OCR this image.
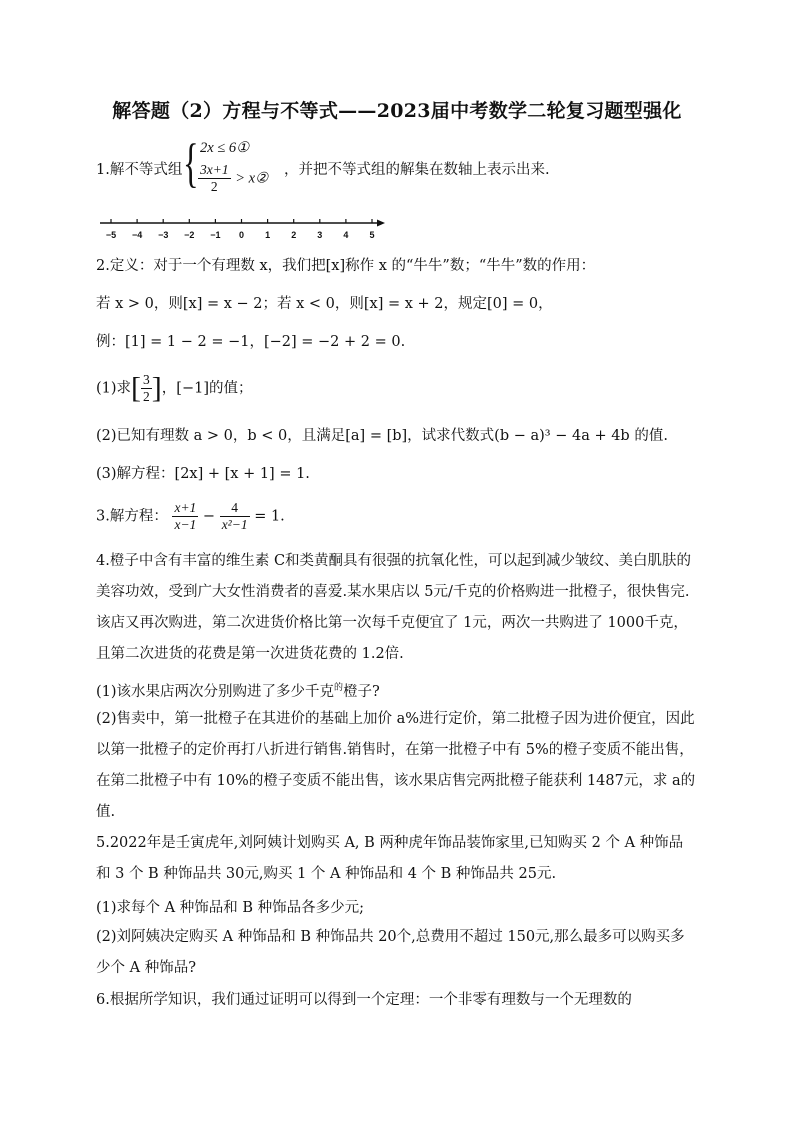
解答题（2）方程与不等式——2023届中考数学二轮复习题型强化
1.解不等式组 { 2x ≤ 6①
$\frac{3x+1}{2}$ > x②
，并把不等式组的解集在数轴上表示出来.
−5 −4 −3 −2 −1 0 1 2 3 4 5
2.定义：对于一个有理数 x，我们把[x]称作 x 的“牛牛”数；“牛牛”数的作用：
若 x > 0，则[x] = x − 2；若 x < 0，则[x] = x + 2，规定[0] = 0，
例：[1] = 1 − 2 = −1，[−2] = −2 + 2 = 0.
(1)求[ $\frac{3}{2}$ ]，[−1]的值；
(2)已知有理数 a > 0，b < 0，且满足[a] = [b]，试求代数式(b − a)³ − 4a + 4b 的值.
(3)解方程：[2x] + [x + 1] = 1.
3.解方程： $\frac{x+1}{x-1} - \frac{4}{\text{x²−1}} = 1$.
4.橙子中含有丰富的维生素 C和类黄酮具有很强的抗氧化性，可以起到减少皱纹、美白肌肤的美容功效，受到广大女性消费者的喜爱.某水果店以 5元/千克的价格购进一批橙子，很快售完.该店又再次购进，第二次进货价格比第一次每千克便宜了 1元，两次一共购进了 1000千克，且第二次进货的花费是第一次进货花费的 1.2倍.
(1)该水果店两次分别购进了多少千克$^的$橙子?
(2)售卖中，第一批橙子在其进价的基础上加价 a%进行定价，第二批橙子因为进价便宜，因此以第一批橙子的定价再打八折进行销售.销售时，在第一批橙子中有 5%的橙子变质不能出售，在第二批橙子中有 10%的橙子变质不能出售，该水果店售完两批橙子能获利 1487元，求 a的值.
5.2022年是壬寅虎年,刘阿姨计划购买 A, B 两种虎年饰品装饰家里,已知购买 2 个 A 种饰品和 3 个 B 种饰品共 30元,购买 1 个 A 种饰品和 4 个 B 种饰品共 25元.
(1)求每个 A 种饰品和 B 种饰品各多少元;
(2)刘阿姨决定购买 A 种饰品和 B 种饰品共 20个,总费用不超过 150元,那么最多可以购买多少个 A 种饰品?
6.根据所学知识，我们通过证明可以得到一个定理：一个非零有理数与一个无理数的
